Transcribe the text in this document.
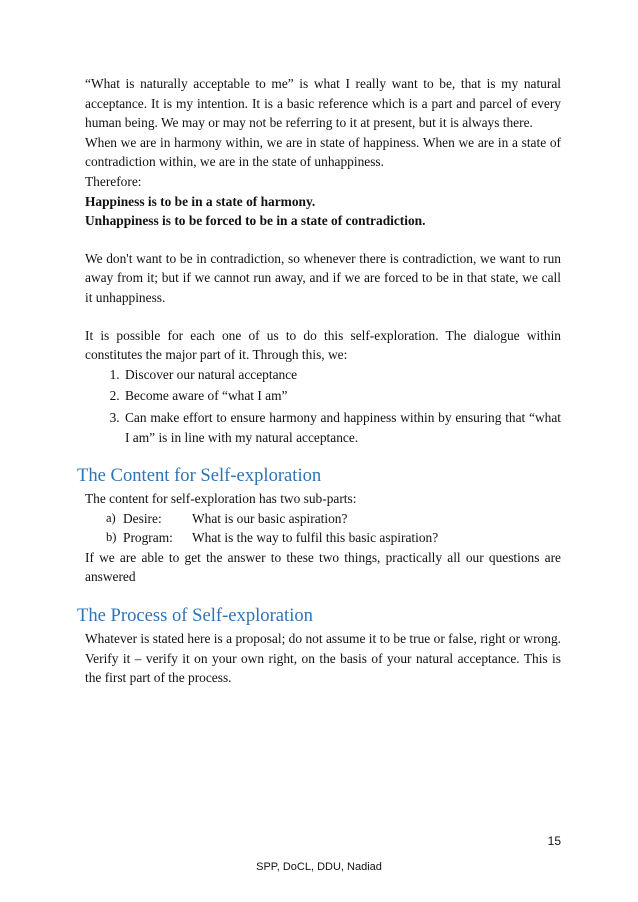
“What is naturally acceptable to me” is what I really want to be, that is my natural acceptance. It is my intention. It is a basic reference which is a part and parcel of every human being. We may or may not be referring to it at present, but it is always there.

When we are in harmony within, we are in state of happiness. When we are in a state of contradiction within, we are in the state of unhappiness.

Therefore:

Happiness is to be in a state of harmony.

Unhappiness is to be forced to be in a state of contradiction.

We don't want to be in contradiction, so whenever there is contradiction, we want to run away from it; but if we cannot run away, and if we are forced to be in that state, we call it unhappiness.

It is possible for each one of us to do this self-exploration. The dialogue within constitutes the major part of it. Through this, we:

1. Discover our natural acceptance
2. Become aware of “what I am”
3. Can make effort to ensure harmony and happiness within by ensuring that “what I am” is in line with my natural acceptance.
The Content for Self-exploration

The content for self-exploration has two sub-parts:

a) Desire:	What is our basic aspiration?
b) Program:	What is the way to fulfil this basic aspiration?

If we are able to get the answer to these two things, practically all our questions are answered

The Process of Self-exploration

Whatever is stated here is a proposal; do not assume it to be true or false, right or wrong. Verify it – verify it on your own right, on the basis of your natural acceptance. This is the first part of the process.

15
SPP, DoCL, DDU, Nadiad
